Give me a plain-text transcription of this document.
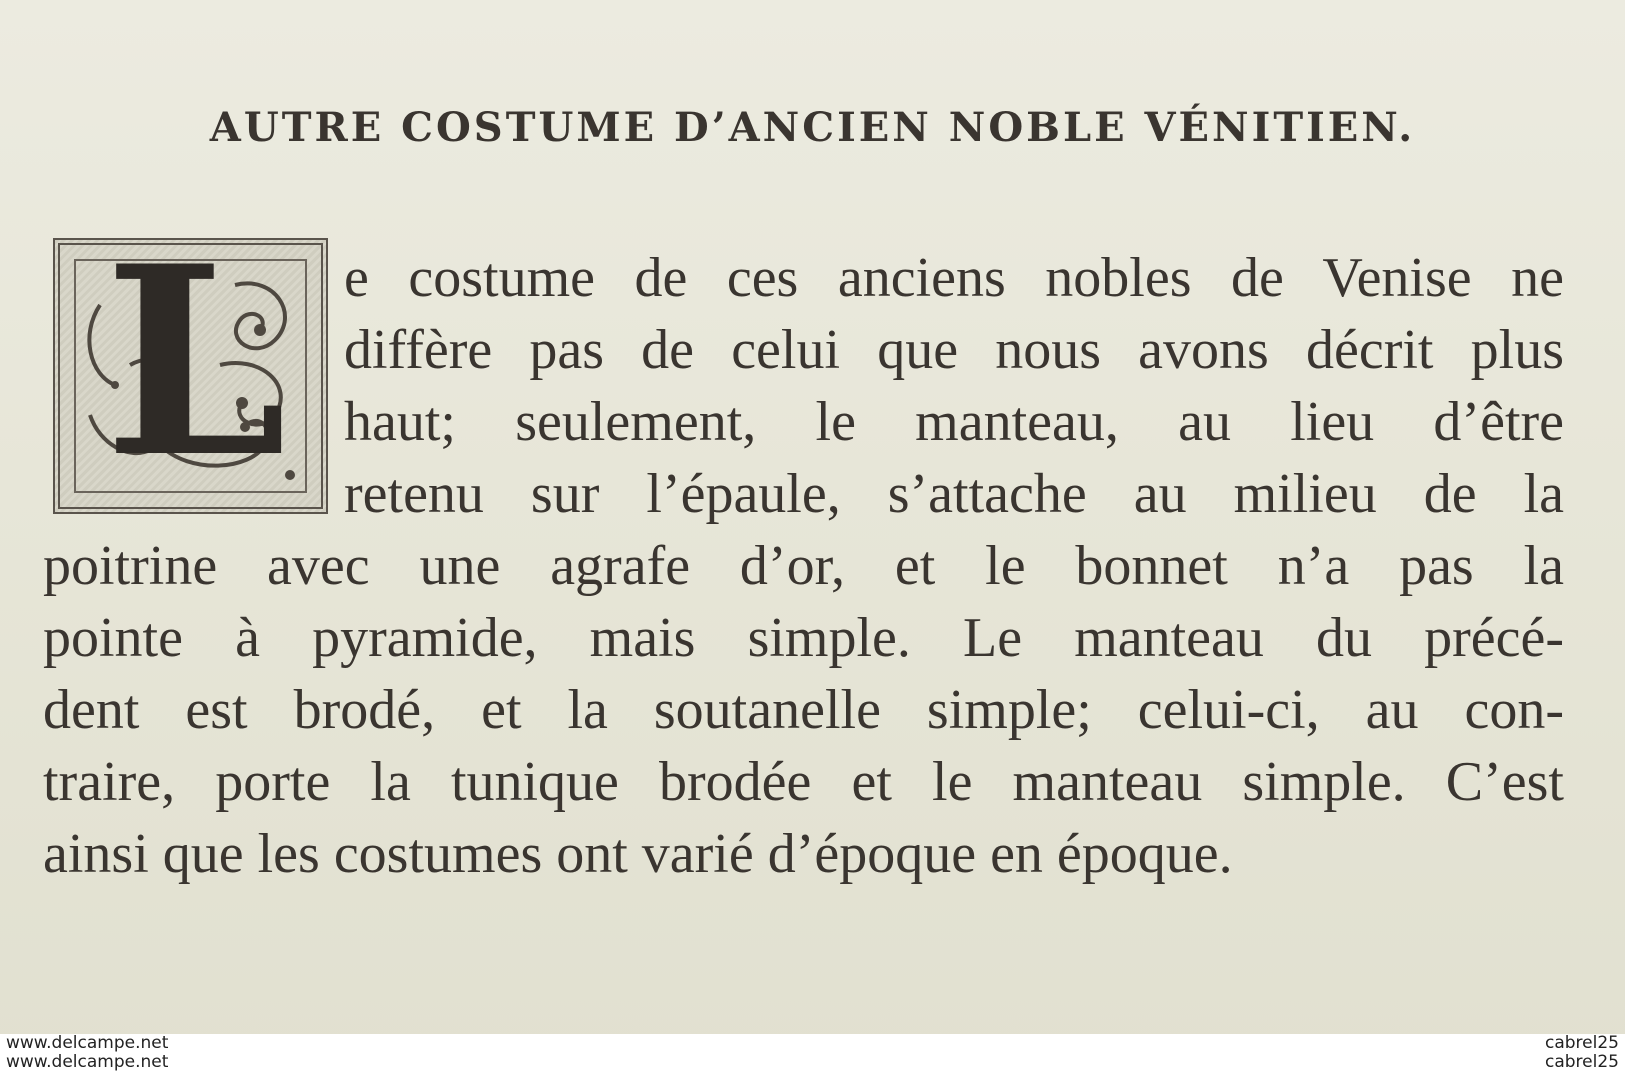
AUTRE COSTUME D’ANCIEN NOBLE VÉNITIEN.
L e costume de ces anciens nobles de Venise ne
diffère pas de celui que nous avons décrit plus
haut; seulement, le manteau, au lieu d’être
retenu sur l’épaule, s’attache au milieu de la
poitrine avec une agrafe d’or, et le bonnet n’a pas la
pointe à pyramide, mais simple. Le manteau du précé-
dent est brodé, et la soutanelle simple; celui-ci, au con-
traire, porte la tunique brodée et le manteau simple. C’est
ainsi que les costumes ont varié d’époque en époque.
www.delcampe.net
www.delcampe.net
cabrel25
cabrel25
